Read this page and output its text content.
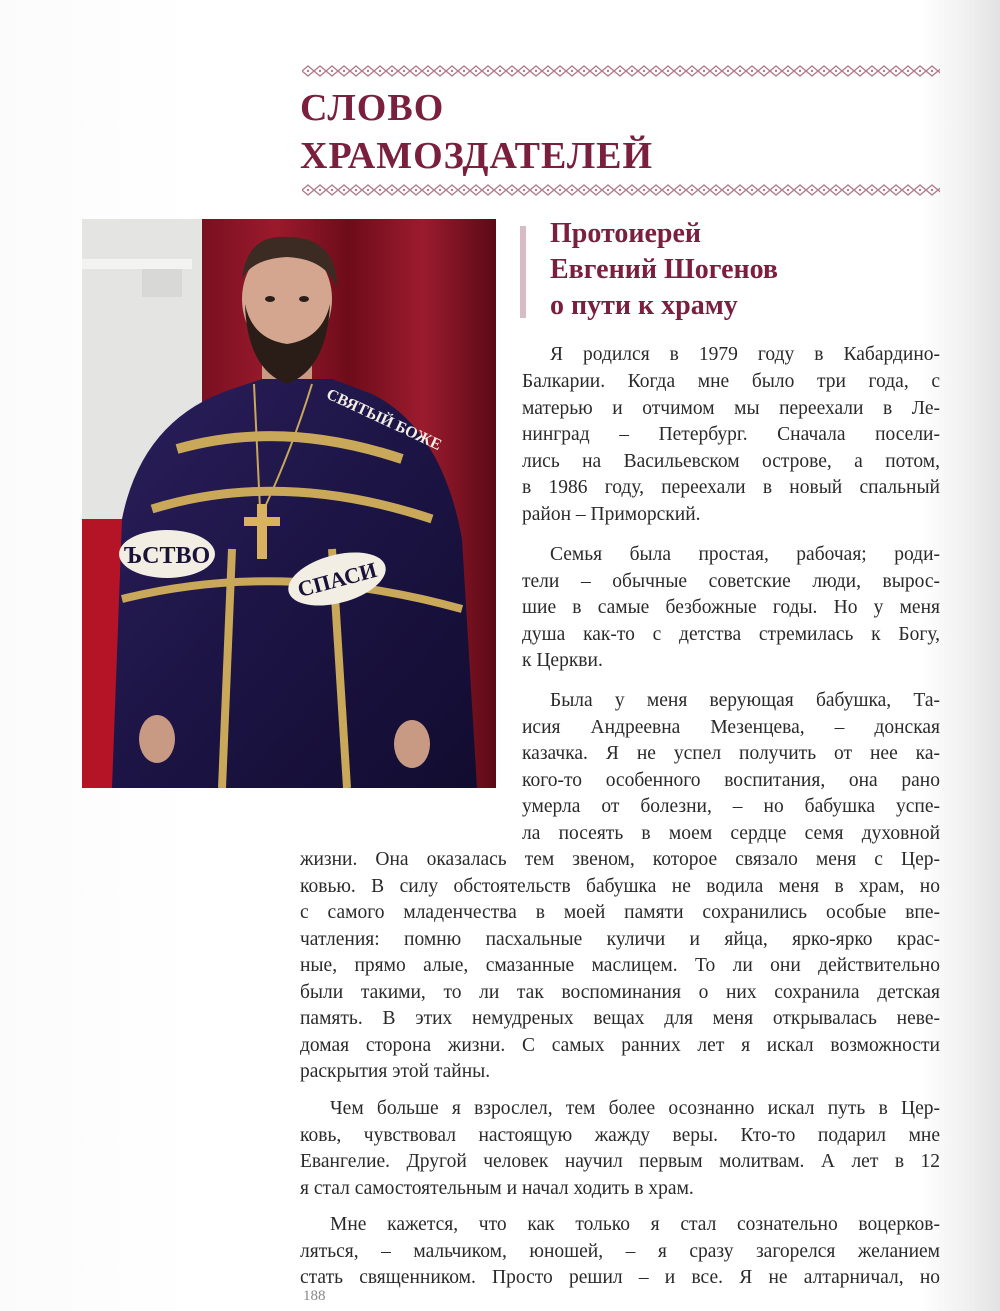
СЛОВО
ХРАМОЗДАТЕЛЕЙ
ЪСТВО
СПАСИ
СВЯТЫЙ БОЖЕ
Протоиерей
Евгений Шогенов
о пути к храму

Я родился в 1979 году в Кабардино-

Балкарии. Когда мне было три года, с

матерью и отчимом мы переехали в Ле-

нинград – Петербург. Сначала посели-

лись на Васильевском острове, а потом,

в 1986 году, переехали в новый спальный

район – Приморский.

Семья была простая, рабочая; роди-

тели – обычные советские люди, вырос-

шие в самые безбожные годы. Но у меня

душа как-то с детства стремилась к Богу,

к Церкви.

Была у меня верующая бабушка, Та-

исия Андреевна Мезенцева, – донская

казачка. Я не успел получить от нее ка-

кого-то особенного воспитания, она рано

умерла от болезни, – но бабушка успе-

ла посеять в моем сердце семя духовной

жизни. Она оказалась тем звеном, которое связало меня с Цер-

ковью. В силу обстоятельств бабушка не водила меня в храм, но

с самого младенчества в моей памяти сохранились особые впе-

чатления: помню пасхальные куличи и яйца, ярко-ярко крас-

ные, прямо алые, смазанные маслицем. То ли они действительно

были такими, то ли так воспоминания о них сохранила детская

память. В этих немудреных вещах для меня открывалась неве-

домая сторона жизни. С самых ранних лет я искал возможности

раскрытия этой тайны.

Чем больше я взрослел, тем более осознанно искал путь в Цер-

ковь, чувствовал настоящую жажду веры. Кто-то подарил мне

Евангелие. Другой человек научил первым молитвам. А лет в 12

я стал самостоятельным и начал ходить в храм.

Мне кажется, что как только я стал сознательно воцерков-

ляться, – мальчиком, юношей, – я сразу загорелся желанием

стать священником. Просто решил – и все. Я не алтарничал, но

188
